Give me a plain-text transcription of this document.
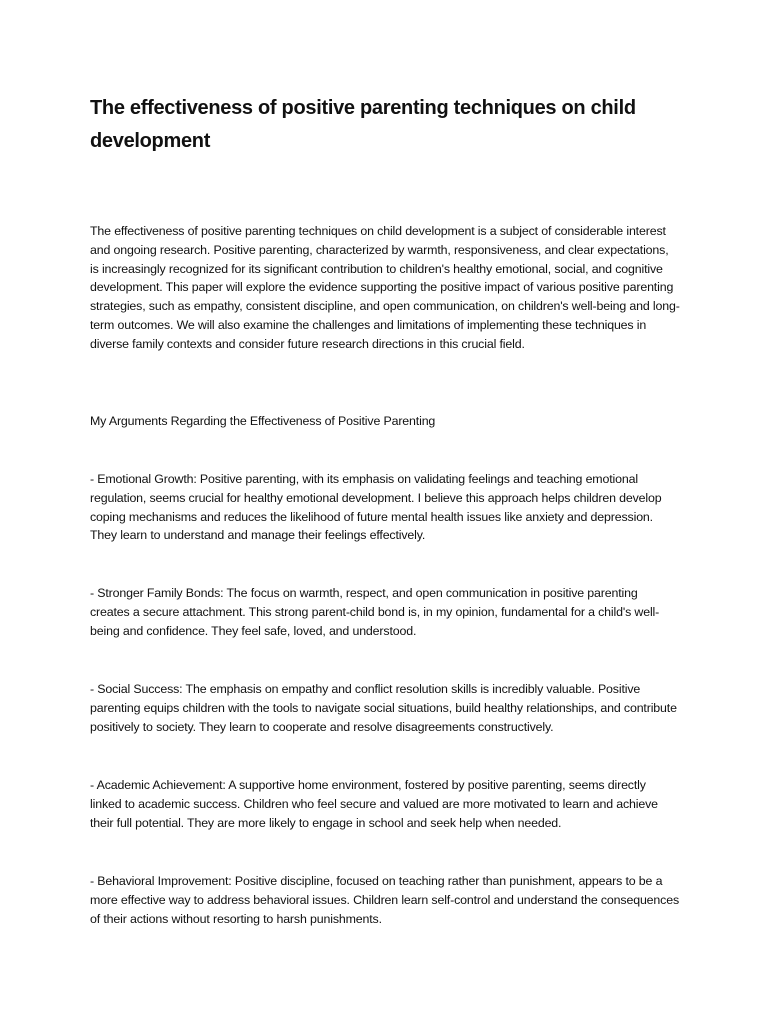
The effectiveness of positive parenting techniques on child development

The effectiveness of positive parenting techniques on child development is a subject of considerable interest and ongoing research. Positive parenting, characterized by warmth, responsiveness, and clear expectations, is increasingly recognized for its significant contribution to children's healthy emotional, social, and cognitive development. This paper will explore the evidence supporting the positive impact of various positive parenting strategies, such as empathy, consistent discipline, and open communication, on children's well-being and long-term outcomes. We will also examine the challenges and limitations of implementing these techniques in diverse family contexts and consider future research directions in this crucial field.

My Arguments Regarding the Effectiveness of Positive Parenting

- Emotional Growth: Positive parenting, with its emphasis on validating feelings and teaching emotional regulation, seems crucial for healthy emotional development. I believe this approach helps children develop coping mechanisms and reduces the likelihood of future mental health issues like anxiety and depression. They learn to understand and manage their feelings effectively.

- Stronger Family Bonds: The focus on warmth, respect, and open communication in positive parenting creates a secure attachment. This strong parent-child bond is, in my opinion, fundamental for a child's well-being and confidence. They feel safe, loved, and understood.

- Social Success: The emphasis on empathy and conflict resolution skills is incredibly valuable. Positive parenting equips children with the tools to navigate social situations, build healthy relationships, and contribute positively to society. They learn to cooperate and resolve disagreements constructively.

- Academic Achievement: A supportive home environment, fostered by positive parenting, seems directly linked to academic success. Children who feel secure and valued are more motivated to learn and achieve their full potential. They are more likely to engage in school and seek help when needed.

- Behavioral Improvement: Positive discipline, focused on teaching rather than punishment, appears to be a more effective way to address behavioral issues. Children learn self-control and understand the consequences of their actions without resorting to harsh punishments.
